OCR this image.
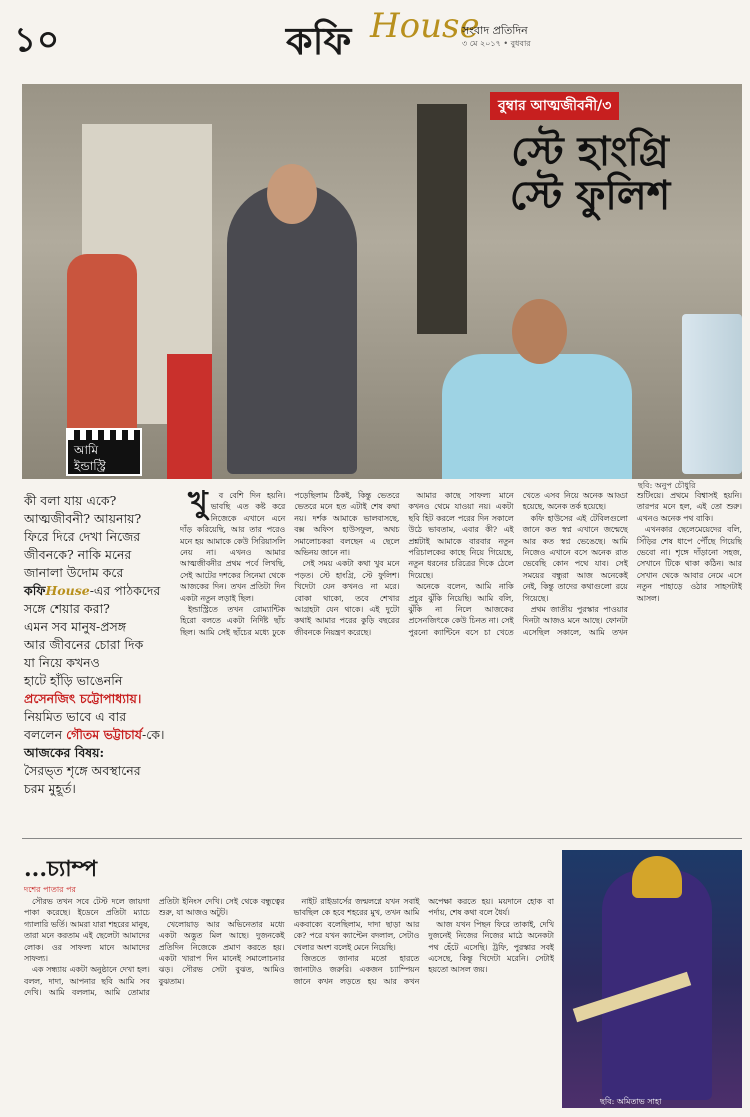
১০	কফি House
সংবাদ প্রতিদিন
৩ মে ২০১৭ • বুধবার
বুম্বার আত্মজীবনী/৩
স্টে হাংগ্রি
স্টে ফুলিশ
আমি
ইন্ডাস্ট্রি
ছবি: অনুপ চৌধুরি

কী বলা যায় একে?

আত্মজীবনী? আয়নায়?

ফিরে দিরে দেখা নিজের

জীবনকে? নাকি মনের

জানালা উদোম করে

কফিHouse-এর পাঠকদের

সঙ্গে শেয়ার করা?

এমন সব মানুষ-প্রসঙ্গ

আর জীবনের চোরা দিক

যা নিয়ে কখনও

হাটে হাঁড়ি ভাঙেননি

প্রসেনজিৎ চট্টোপাধ্যায়।

নিয়মিত ভাবে এ বার

বললেন গৌতম ভট্টাচার্য-কে।

আজকের বিষয়:

সৈরভ্ত শৃঙ্গে অবস্থানের

চরম মুহূর্ত।

খু ব বেশি দিন হয়নি। ভাবছি এত কষ্ট করে নিজেকে এখানে এনে দাঁড় করিয়েছি, আর তার পরেও মনে হয় আমাকে কেউ সিরিয়াসলি নেয় না। এখনও আমার আত্মজীবনীর প্রথম পর্বে লিখছি, সেই আটের দশকের সিনেমা থেকে আজকের দিন। তখন প্রতিটা দিন একটা নতুন লড়াই ছিল।

ইন্ডাস্ট্রিতে তখন রোম্যান্টিক হিরো বলতে একটা নির্দিষ্ট ছাঁচ ছিল। আমি সেই ছাঁচের মধ্যে ঢুকে পড়েছিলাম ঠিকই, কিন্তু ভেতরে ভেতরে মনে হত এটাই শেষ কথা নয়। দর্শক আমাকে ভালবাসছে, বক্স অফিস হাউসফুল, অথচ সমালোচকরা বলছেন এ ছেলে অভিনয় জানে না।

সেই সময় একটা কথা খুব মনে পড়ত। স্টে হাংগ্রি, স্টে ফুলিশ। খিদেটা যেন কখনও না মরে। বোকা থাকো, তবে শেখার আগ্রহটা যেন থাকে। এই দুটো কথাই আমার পরের কুড়ি বছরের জীবনকে নিয়ন্ত্রণ করেছে।

আমার কাছে সাফল্য মানে কখনও থেমে যাওয়া নয়। একটা ছবি হিট করলে পরের দিন সকালে উঠে ভাবতাম, এবার কী? এই প্রশ্নটাই আমাকে বারবার নতুন পরিচালকের কাছে নিয়ে গিয়েছে, নতুন ধরনের চরিত্রের দিকে ঠেলে দিয়েছে।

অনেকে বলেন, আমি নাকি প্রচুর ঝুঁকি নিয়েছি। আমি বলি, ঝুঁকি না নিলে আজকের প্রসেনজিৎকে কেউ চিনত না। সেই পুরনো ক্যান্টিনে বসে চা খেতে খেতে এসব নিয়ে অনেক আড্ডা হয়েছে, অনেক তর্ক হয়েছে।

কফি হাউসের এই টেবিলগুলো জানে কত স্বপ্ন এখানে জন্মেছে আর কত স্বপ্ন ভেঙেছে। আমি নিজেও এখানে বসে অনেক রাত ভেবেছি কোন পথে যাব। সেই সময়ের বন্ধুরা আজ অনেকেই নেই, কিন্তু তাদের কথাগুলো রয়ে গিয়েছে।

প্রথম জাতীয় পুরস্কার পাওয়ার দিনটা আজও মনে আছে। ফোনটা এসেছিল সকালে, আমি তখন শুটিংয়ে। প্রথমে বিশ্বাসই হয়নি। তারপর মনে হল, এই তো শুরু। এখনও অনেক পথ বাকি।

এখনকার ছেলেমেয়েদের বলি, সিঁড়ির শেষ ধাপে পৌঁছে গিয়েছি ভেবো না। শৃঙ্গে দাঁড়ানো সহজ, সেখানে টিকে থাকা কঠিন। আর সেখান থেকে আবার নেমে এসে নতুন পাহাড়ে ওঠার সাহসটাই আসল।

...চ্যাম্প
দশের পাতার পর

সৌরভ তখন সবে টেস্ট দলে জায়গা পাকা করেছে। ইডেনে প্রতিটা ম্যাচে গ্যালারি ভর্তি। আমরা যারা শহরের মানুষ, তারা মনে করতাম এই ছেলেটা আমাদের লোক। ওর সাফল্য মানে আমাদের সাফল্য।

এক সন্ধ্যায় একটা অনুষ্ঠানে দেখা হল। বলল, দাদা, আপনার ছবি আমি সব দেখি। আমি বললাম, আমি তোমার প্রতিটা ইনিংস দেখি। সেই থেকে বন্ধুত্বের শুরু, যা আজও অটুট।

খেলোয়াড় আর অভিনেতার মধ্যে একটা অদ্ভুত মিল আছে। দুজনকেই প্রতিদিন নিজেকে প্রমাণ করতে হয়। একটা খারাপ দিন মানেই সমালোচনার ঝড়। সৌরভ সেটা বুঝত, আমিও বুঝতাম।

নাইট রাইডার্সের জন্মলগ্নে যখন সবাই ভাবছিল কে হবে শহরের মুখ, তখন আমি একবাক্যে বলেছিলাম, দাদা ছাড়া আর কে? পরে যখন ক্যাপ্টেন বদলাল, সেটাও খেলার অংশ বলেই মেনে নিয়েছি।

জিততে জানার মতো হারতে জানাটাও জরুরি। একজন চ্যাম্পিয়ন জানে কখন লড়তে হয় আর কখন অপেক্ষা করতে হয়। ময়দানে হোক বা পর্দায়, শেষ কথা বলে ধৈর্য।

আজ যখন পিছন ফিরে তাকাই, দেখি দুজনেই নিজের নিজের মাঠে অনেকটা পথ হেঁটে এসেছি। ট্রফি, পুরস্কার সবই এসেছে, কিন্তু খিদেটা মরেনি। সেটাই হয়তো আসল জয়।

ছবি: অমিতাভ সাহা
